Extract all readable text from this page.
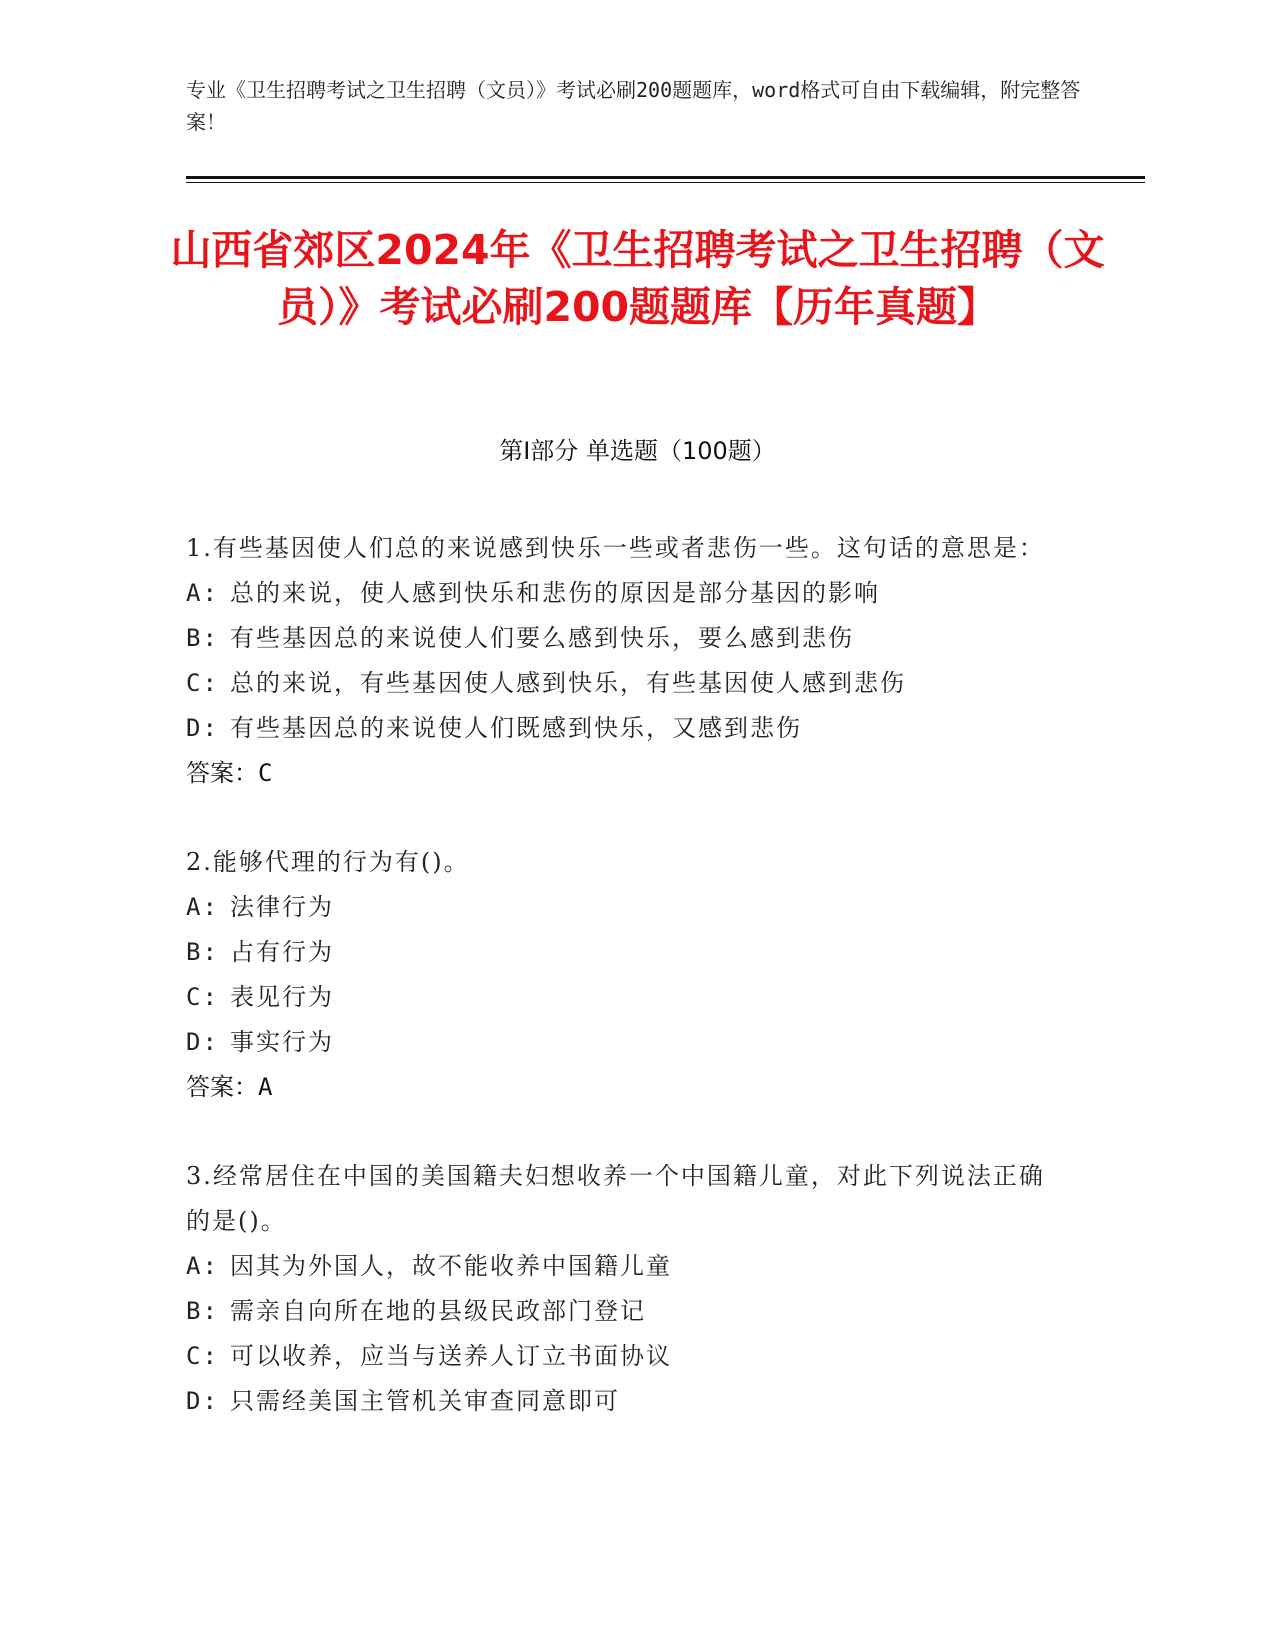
专业《卫生招聘考试之卫生招聘（文员）》考试必刷200题题库，word格式可自由下载编辑，附完整答案！
山西省郊区2024年《卫生招聘考试之卫生招聘（文员）》考试必刷200题题库【历年真题】
第I部分 单选题（100题）
1.有些基因使人们总的来说感到快乐一些或者悲伤一些。这句话的意思是：
A: 总的来说，使人感到快乐和悲伤的原因是部分基因的影响
B: 有些基因总的来说使人们要么感到快乐，要么感到悲伤
C: 总的来说，有些基因使人感到快乐，有些基因使人感到悲伤
D: 有些基因总的来说使人们既感到快乐，又感到悲伤
答案：C
2.能够代理的行为有()。
A: 法律行为
B: 占有行为
C: 表见行为
D: 事实行为
答案：A
3.经常居住在中国的美国籍夫妇想收养一个中国籍儿童，对此下列说法正确的是()。
A: 因其为外国人，故不能收养中国籍儿童
B: 需亲自向所在地的县级民政部门登记
C: 可以收养，应当与送养人订立书面协议
D: 只需经美国主管机关审查同意即可
